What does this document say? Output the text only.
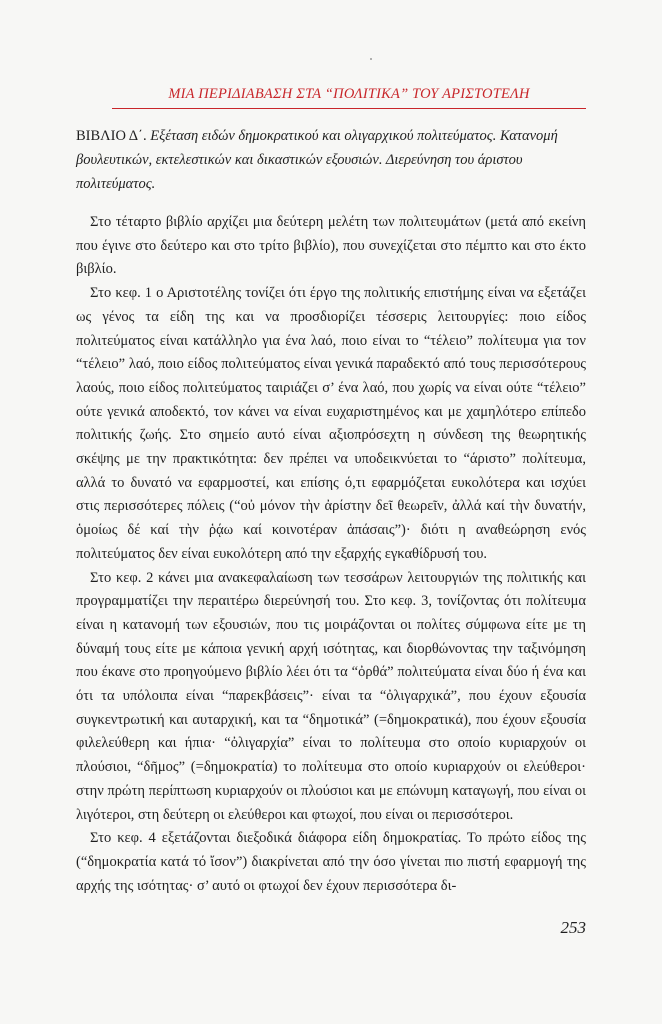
ΜΙΑ ΠΕΡΙΔΙΑΒΑΣΗ ΣΤΑ “ΠΟΛΙΤΙΚΑ” ΤΟΥ ΑΡΙΣΤΟΤΕΛΗ
ΒΙΒΛΙΟ Δ΄. Εξέταση ειδών δημοκρατικού και ολιγαρχικού πολιτεύματος. Κατανομή βουλευτικών, εκτελεστικών και δικαστικών εξουσιών. Διερεύνηση του άριστου πολιτεύματος.

Στο τέταρτο βιβλίο αρχίζει μια δεύτερη μελέτη των πολιτευμάτων (μετά από εκείνη που έγινε στο δεύτερο και στο τρίτο βιβλίο), που συνεχίζεται στο πέμπτο και στο έκτο βιβλίο.

Στο κεφ. 1 ο Αριστοτέλης τονίζει ότι έργο της πολιτικής επιστήμης είναι να εξετάζει ως γένος τα είδη της και να προσδιορίζει τέσσερις λειτουργίες: ποιο είδος πολιτεύματος είναι κατάλληλο για ένα λαό, ποιο είναι το “τέλειο” πολίτευμα για τον “τέλειο” λαό, ποιο είδος πολιτεύματος είναι γενικά παραδεκτό από τους περισσότερους λαούς, ποιο είδος πολιτεύματος ταιριάζει σ’ ένα λαό, που χωρίς να είναι ούτε “τέλειο” ούτε γενικά αποδεκτό, τον κάνει να είναι ευχαριστημένος και με χαμηλότερο επίπεδο πολιτικής ζωής. Στο σημείο αυτό είναι αξιοπρόσεχτη η σύνδεση της θεωρητικής σκέψης με την πρακτικότητα: δεν πρέπει να υποδεικνύεται το “άριστο” πολίτευμα, αλλά το δυνατό να εφαρμοστεί, και επίσης ό,τι εφαρμόζεται ευκολότερα και ισχύει στις περισσότερες πόλεις (“οὐ μόνον τὴν ἀρίστην δεῖ θεωρεῖν, ἀλλά καί τὴν δυνατήν, ὁμοίως δέ καί τὴν ῥᾴω καί κοινοτέραν ἁπάσαις”)· διότι η αναθεώρηση ενός πολιτεύματος δεν είναι ευκολότερη από την εξαρχής εγκαθίδρυσή του.

Στο κεφ. 2 κάνει μια ανακεφαλαίωση των τεσσάρων λειτουργιών της πολιτικής και προγραμματίζει την περαιτέρω διερεύνησή του. Στο κεφ. 3, τονίζοντας ότι πολίτευμα είναι η κατανομή των εξουσιών, που τις μοιράζονται οι πολίτες σύμφωνα είτε με τη δύναμή τους είτε με κάποια γενική αρχή ισότητας, και διορθώνοντας την ταξινόμηση που έκανε στο προηγούμενο βιβλίο λέει ότι τα “ὀρθά” πολιτεύματα είναι δύο ή ένα και ότι τα υπόλοιπα είναι “παρεκβάσεις”· είναι τα “ὀλιγαρχικά”, που έχουν εξουσία συγκεντρωτική και αυταρχική, και τα “δημοτικά” (=δημοκρατικά), που έχουν εξουσία φιλελεύθερη και ήπια· “ὀλιγαρχία” είναι το πολίτευμα στο οποίο κυριαρχούν οι πλούσιοι, “δῆμος” (=δημοκρατία) το πολίτευμα στο οποίο κυριαρχούν οι ελεύθεροι· στην πρώτη περίπτωση κυριαρχούν οι πλούσιοι και με επώνυμη καταγωγή, που είναι οι λιγότεροι, στη δεύτερη οι ελεύθεροι και φτωχοί, που είναι οι περισσότεροι.

Στο κεφ. 4 εξετάζονται διεξοδικά διάφορα είδη δημοκρατίας. Το πρώτο είδος της (“δημοκρατία κατά τό ἴσον”) διακρίνεται από την όσο γίνεται πιο πιστή εφαρμογή της αρχής της ισότητας· σ’ αυτό οι φτωχοί δεν έχουν περισσότερα δι-

253
